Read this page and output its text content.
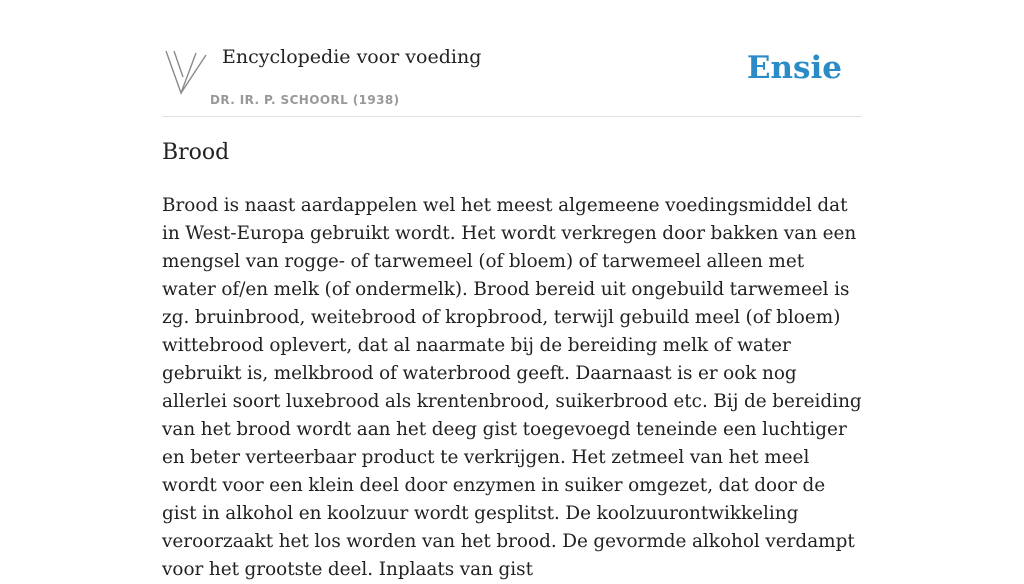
Encyclopedie voor voeding
DR. IR. P. SCHOORL (1938)
Ensie
Brood

Brood is naast aardappelen wel het meest algemeene voedingsmiddel dat in West-Europa gebruikt wordt. Het wordt verkregen door bakken van een mengsel van rogge- of tarwemeel (of bloem) of tarwemeel alleen met water of/en melk (of ondermelk). Brood bereid uit ongebuild tarwemeel is zg. bruinbrood, weitebrood of kropbrood, terwijl gebuild meel (of bloem) wittebrood oplevert, dat al naarmate bij de bereiding melk of water gebruikt is, melkbrood of waterbrood geeft. Daarnaast is er ook nog allerlei soort luxebrood als krentenbrood, suikerbrood etc. Bij de bereiding van het brood wordt aan het deeg gist toegevoegd teneinde een luchtiger en beter verteerbaar product te verkrijgen. Het zetmeel van het meel wordt voor een klein deel door enzymen in suiker omgezet, dat door de gist in alkohol en koolzuur wordt gesplitst. De koolzuurontwikkeling veroorzaakt het los worden van het brood. De gevormde alkohol verdampt voor het grootste deel. Inplaats van gist
